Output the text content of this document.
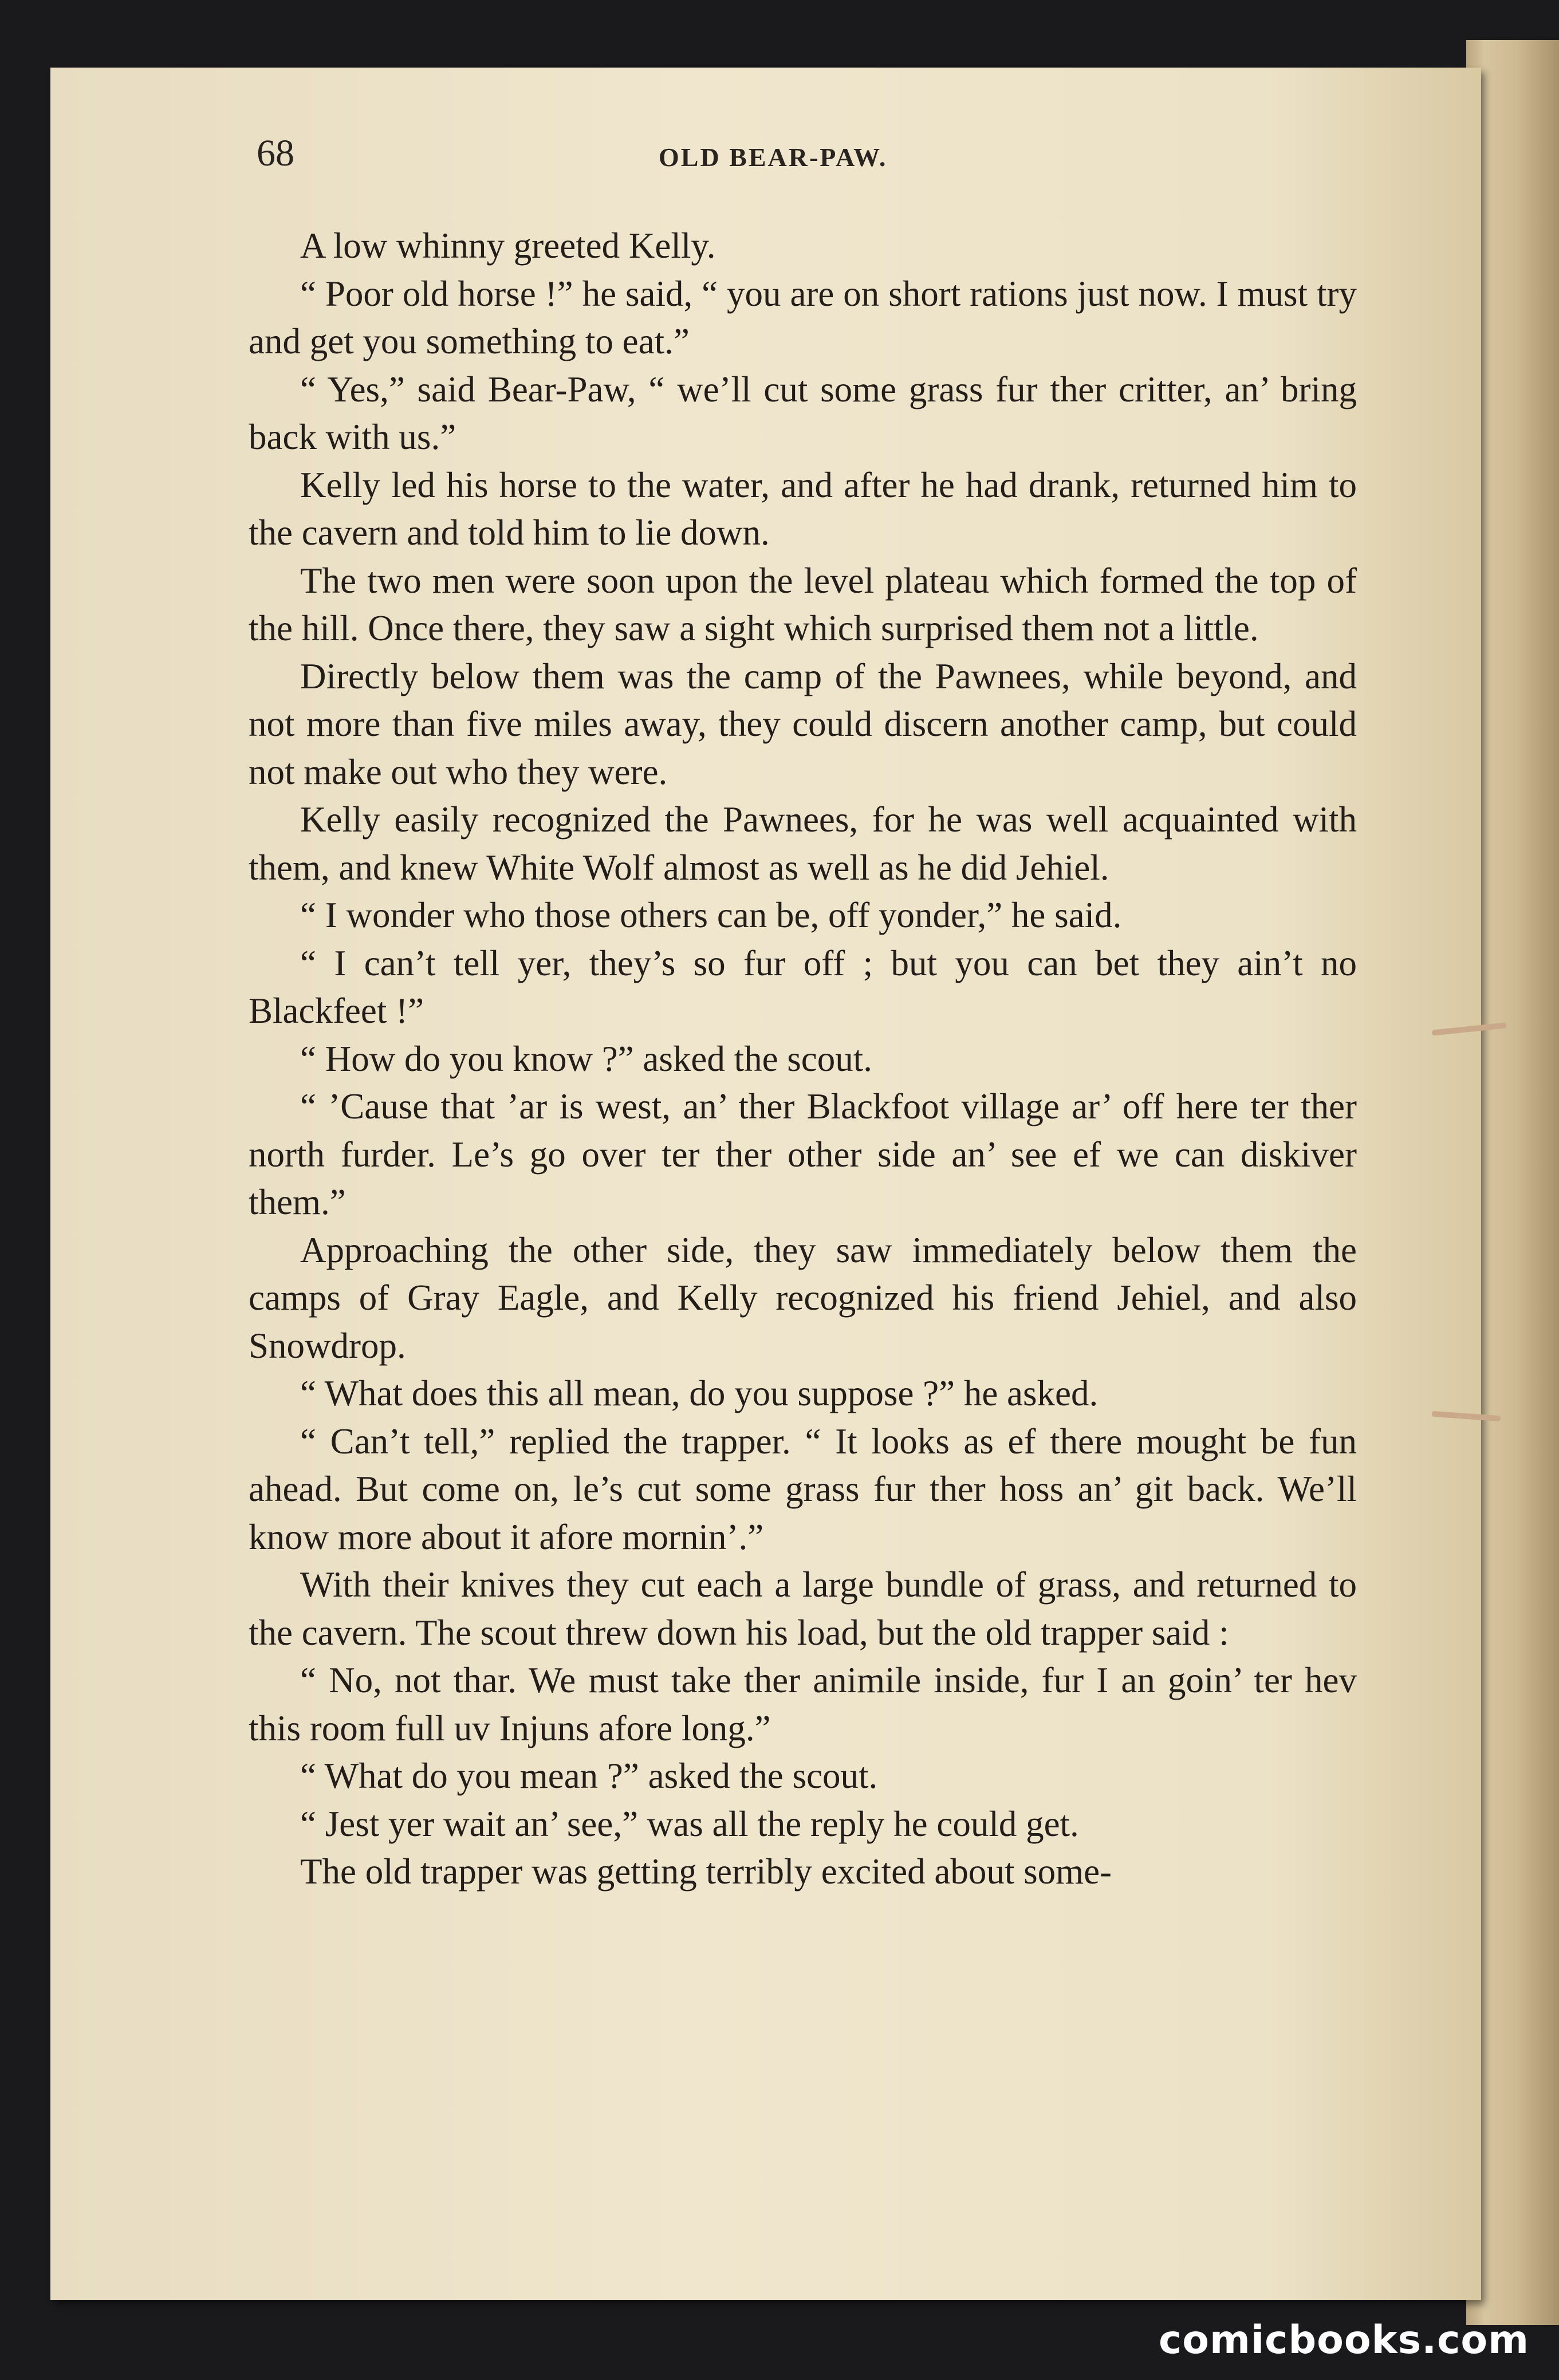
68	OLD BEAR-PAW.

A low whinny greeted Kelly.

“ Poor old horse !” he said, “ you are on short rations just now. I must try and get you something to eat.”

“ Yes,” said Bear-Paw, “ we’ll cut some grass fur ther critter, an’ bring back with us.”

Kelly led his horse to the water, and after he had drank, returned him to the cavern and told him to lie down.

The two men were soon upon the level plateau which formed the top of the hill. Once there, they saw a sight which surprised them not a little.

Directly below them was the camp of the Pawnees, while beyond, and not more than five miles away, they could discern another camp, but could not make out who they were.

Kelly easily recognized the Pawnees, for he was well acquainted with them, and knew White Wolf almost as well as he did Jehiel.

“ I wonder who those others can be, off yonder,” he said.

“ I can’t tell yer, they’s so fur off ; but you can bet they ain’t no Blackfeet !”

“ How do you know ?” asked the scout.

“ ’Cause that ’ar is west, an’ ther Blackfoot village ar’ off here ter ther north furder. Le’s go over ter ther other side an’ see ef we can diskiver them.”

Approaching the other side, they saw immediately below them the camps of Gray Eagle, and Kelly recognized his friend Jehiel, and also Snowdrop.

“ What does this all mean, do you suppose ?” he asked.

“ Can’t tell,” replied the trapper. “ It looks as ef there mought be fun ahead. But come on, le’s cut some grass fur ther hoss an’ git back. We’ll know more about it afore mornin’.”

With their knives they cut each a large bundle of grass, and returned to the cavern. The scout threw down his load, but the old trapper said :

“ No, not thar. We must take ther animile inside, fur I an goin’ ter hev this room full uv Injuns afore long.”

“ What do you mean ?” asked the scout.

“ Jest yer wait an’ see,” was all the reply he could get.

The old trapper was getting terribly excited about some-

comicbooks.com
